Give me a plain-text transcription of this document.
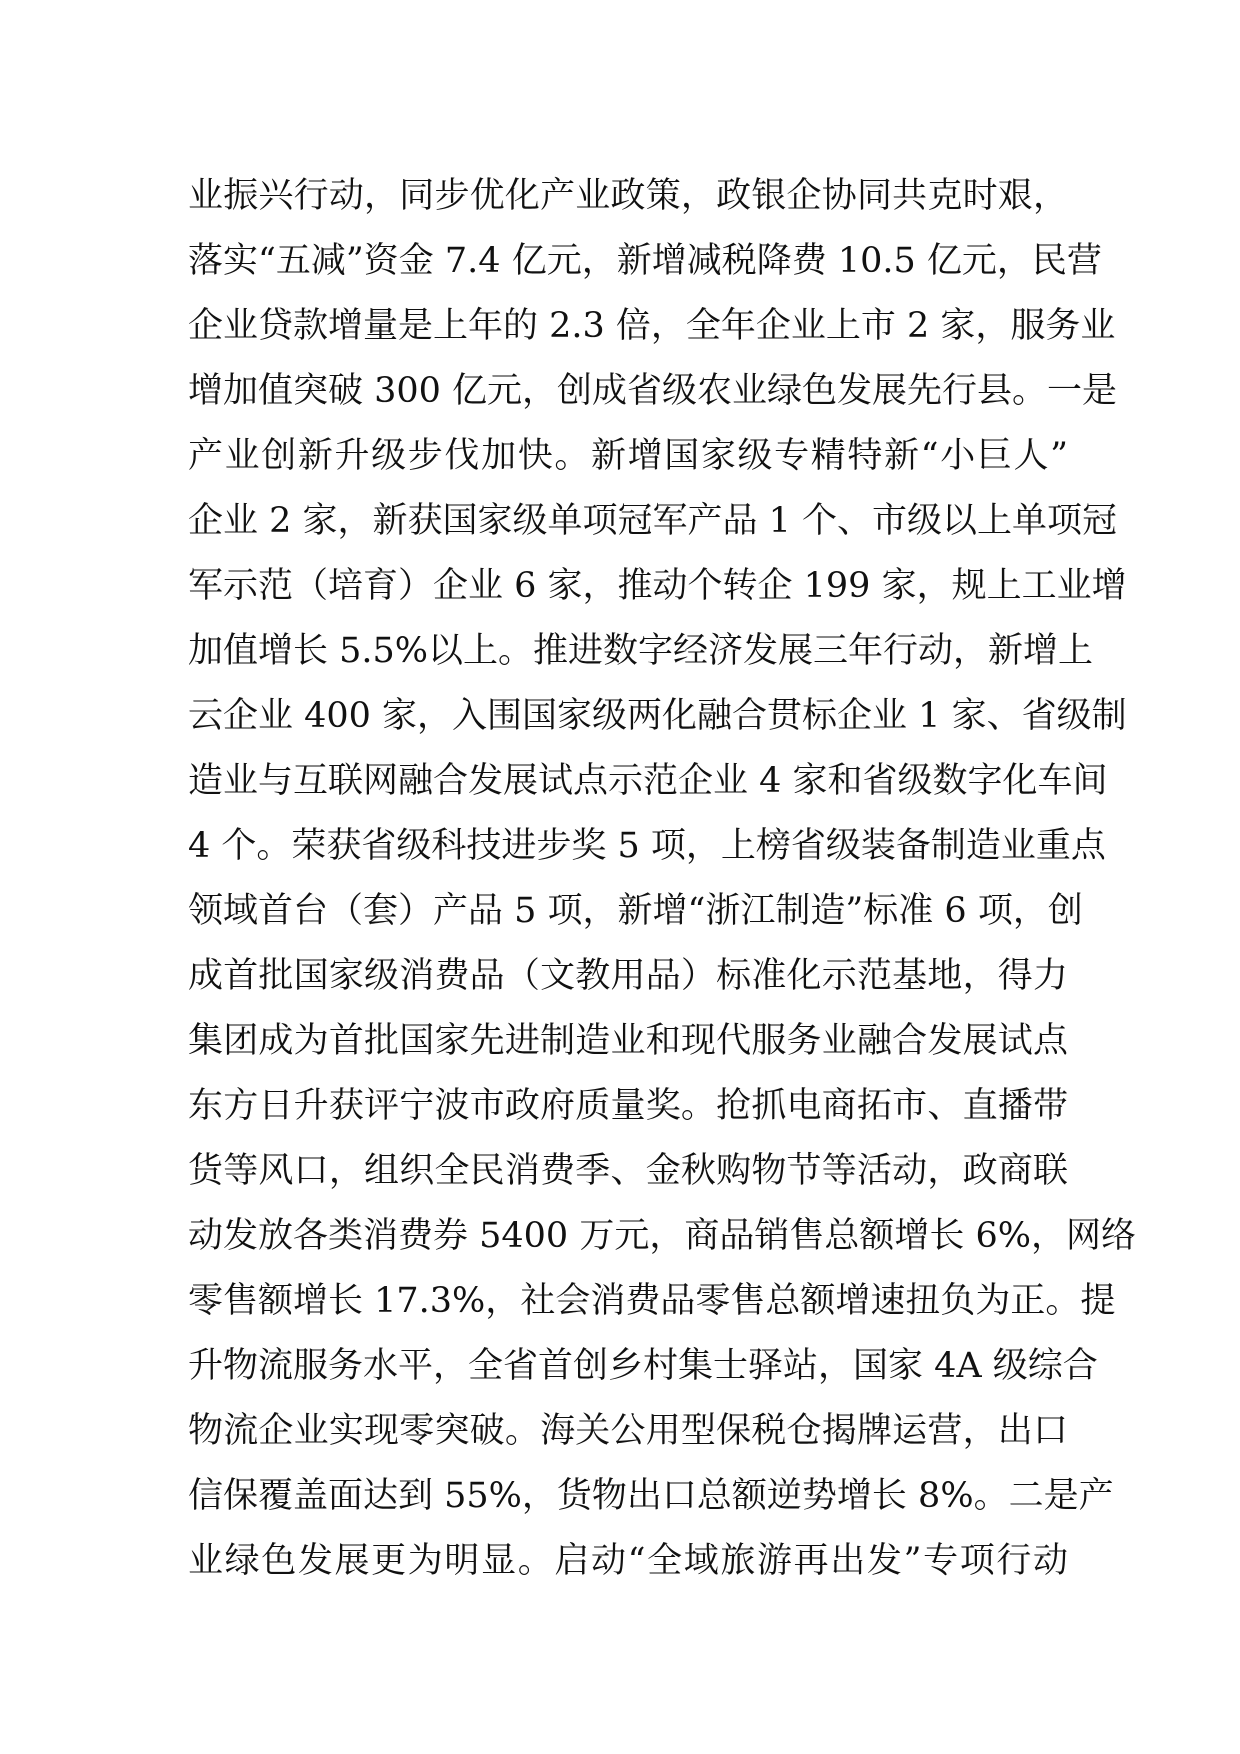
业振兴行动，同步优化产业政策，政银企协同共克时艰，
落实“五减”资金 7.4 亿元，新增减税降费 10.5 亿元，民营
企业贷款增量是上年的 2.3 倍，全年企业上市 2 家，服务业
增加值突破 300 亿元，创成省级农业绿色发展先行县。一是
产业创新升级步伐加快。新增国家级专精特新“小巨人”
企业 2 家，新获国家级单项冠军产品 1 个、市级以上单项冠
军示范（培育）企业 6 家，推动个转企 199 家，规上工业增
加值增长 5.5%以上。推进数字经济发展三年行动，新增上
云企业 400 家，入围国家级两化融合贯标企业 1 家、省级制
造业与互联网融合发展试点示范企业 4 家和省级数字化车间
4 个。荣获省级科技进步奖 5 项，上榜省级装备制造业重点
领域首台（套）产品 5 项，新增“浙江制造”标准 6 项，创
成首批国家级消费品（文教用品）标准化示范基地，得力
集团成为首批国家先进制造业和现代服务业融合发展试点
东方日升获评宁波市政府质量奖。抢抓电商拓市、直播带
货等风口，组织全民消费季、金秋购物节等活动，政商联
动发放各类消费券 5400 万元，商品销售总额增长 6%，网络
零售额增长 17.3%，社会消费品零售总额增速扭负为正。提
升物流服务水平，全省首创乡村集士驿站，国家 4A 级综合
物流企业实现零突破。海关公用型保税仓揭牌运营，出口
信保覆盖面达到 55%，货物出口总额逆势增长 8%。二是产
业绿色发展更为明显。启动“全域旅游再出发”专项行动
